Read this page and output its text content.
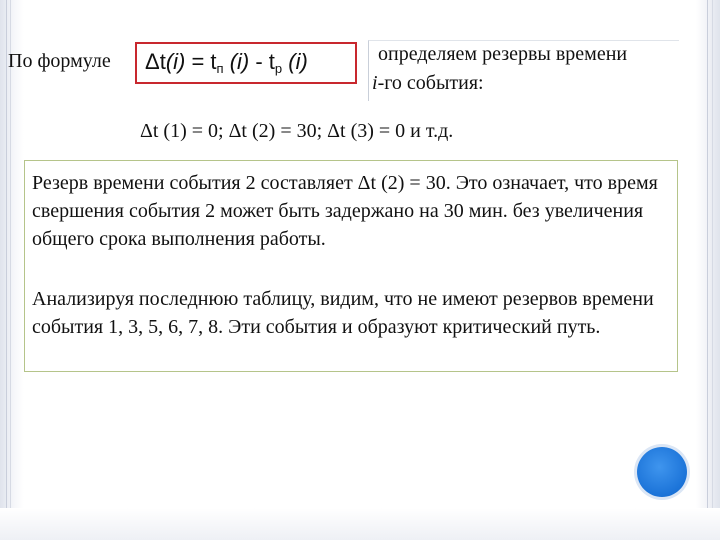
По формуле $\Delta t(i) = t_п$ $(i) - t_р$ (i)	определяем резервы времени
i-го события:
Δt (1) = 0; Δt (2) = 30; Δt (3) = 0 и т.д.

Резерв времени события 2 составляет Δt (2) = 30. Это означает, что время свершения события 2 может быть задержано на 30 мин. без увеличения общего срока выполнения работы.

Анализируя последнюю таблицу, видим, что не имеют резервов времени события 1, 3, 5, 6, 7, 8. Эти события и образуют критический путь.
